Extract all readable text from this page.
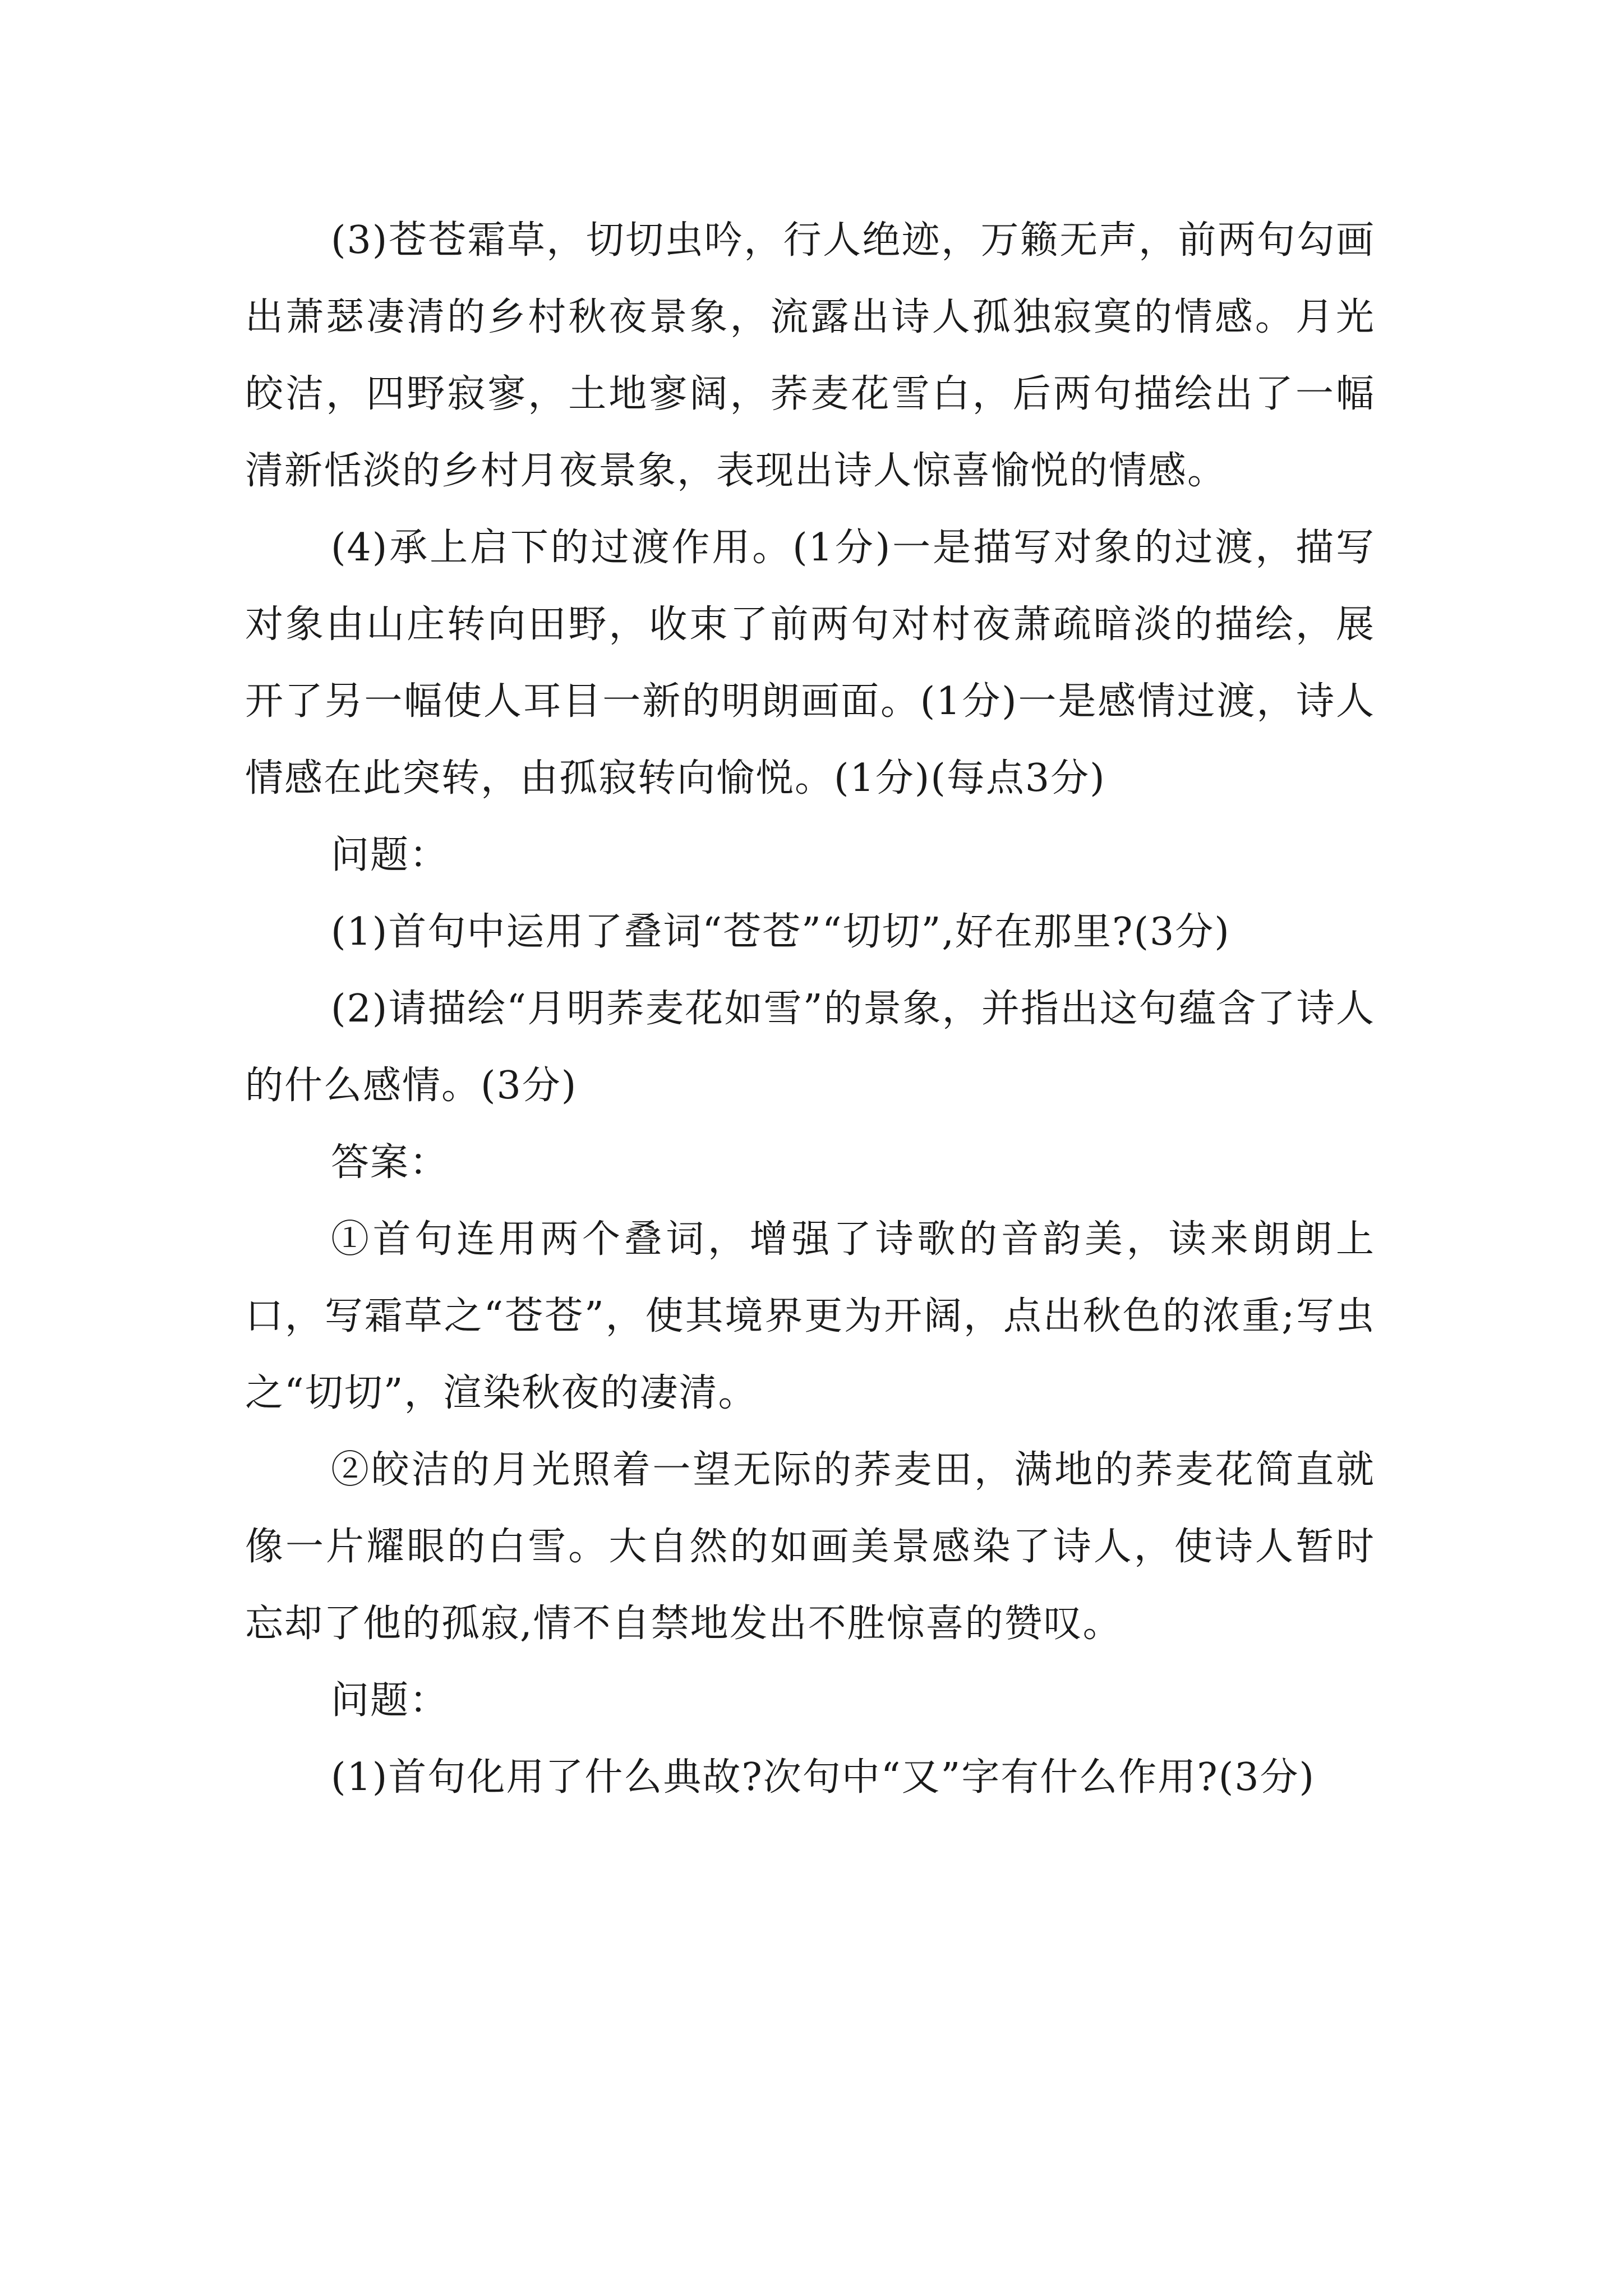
(3)苍苍霜草，切切虫吟，行人绝迹，万籁无声，前两句勾画出萧瑟凄清的乡村秋夜景象，流露出诗人孤独寂寞的情感。月光皎洁，四野寂寥，土地寥阔，荞麦花雪白，后两句描绘出了一幅清新恬淡的乡村月夜景象，表现出诗人惊喜愉悦的情感。

(4)承上启下的过渡作用。(1分)一是描写对象的过渡，描写对象由山庄转向田野，收束了前两句对村夜萧疏暗淡的描绘，展开了另一幅使人耳目一新的明朗画面。(1分)一是感情过渡，诗人情感在此突转，由孤寂转向愉悦。(1分)(每点3分)

问题：

(1)首句中运用了叠词“苍苍”“切切”,好在那里?(3分)

(2)请描绘“月明荞麦花如雪”的景象，并指出这句蕴含了诗人的什么感情。(3分)

答案：

①首句连用两个叠词，增强了诗歌的音韵美，读来朗朗上口，写霜草之“苍苍”，使其境界更为开阔，点出秋色的浓重;写虫之“切切”，渲染秋夜的凄清。

②皎洁的月光照着一望无际的荞麦田，满地的荞麦花简直就像一片耀眼的白雪。大自然的如画美景感染了诗人，使诗人暂时忘却了他的孤寂,情不自禁地发出不胜惊喜的赞叹。

问题：

(1)首句化用了什么典故?次句中“又”字有什么作用?(3分)
